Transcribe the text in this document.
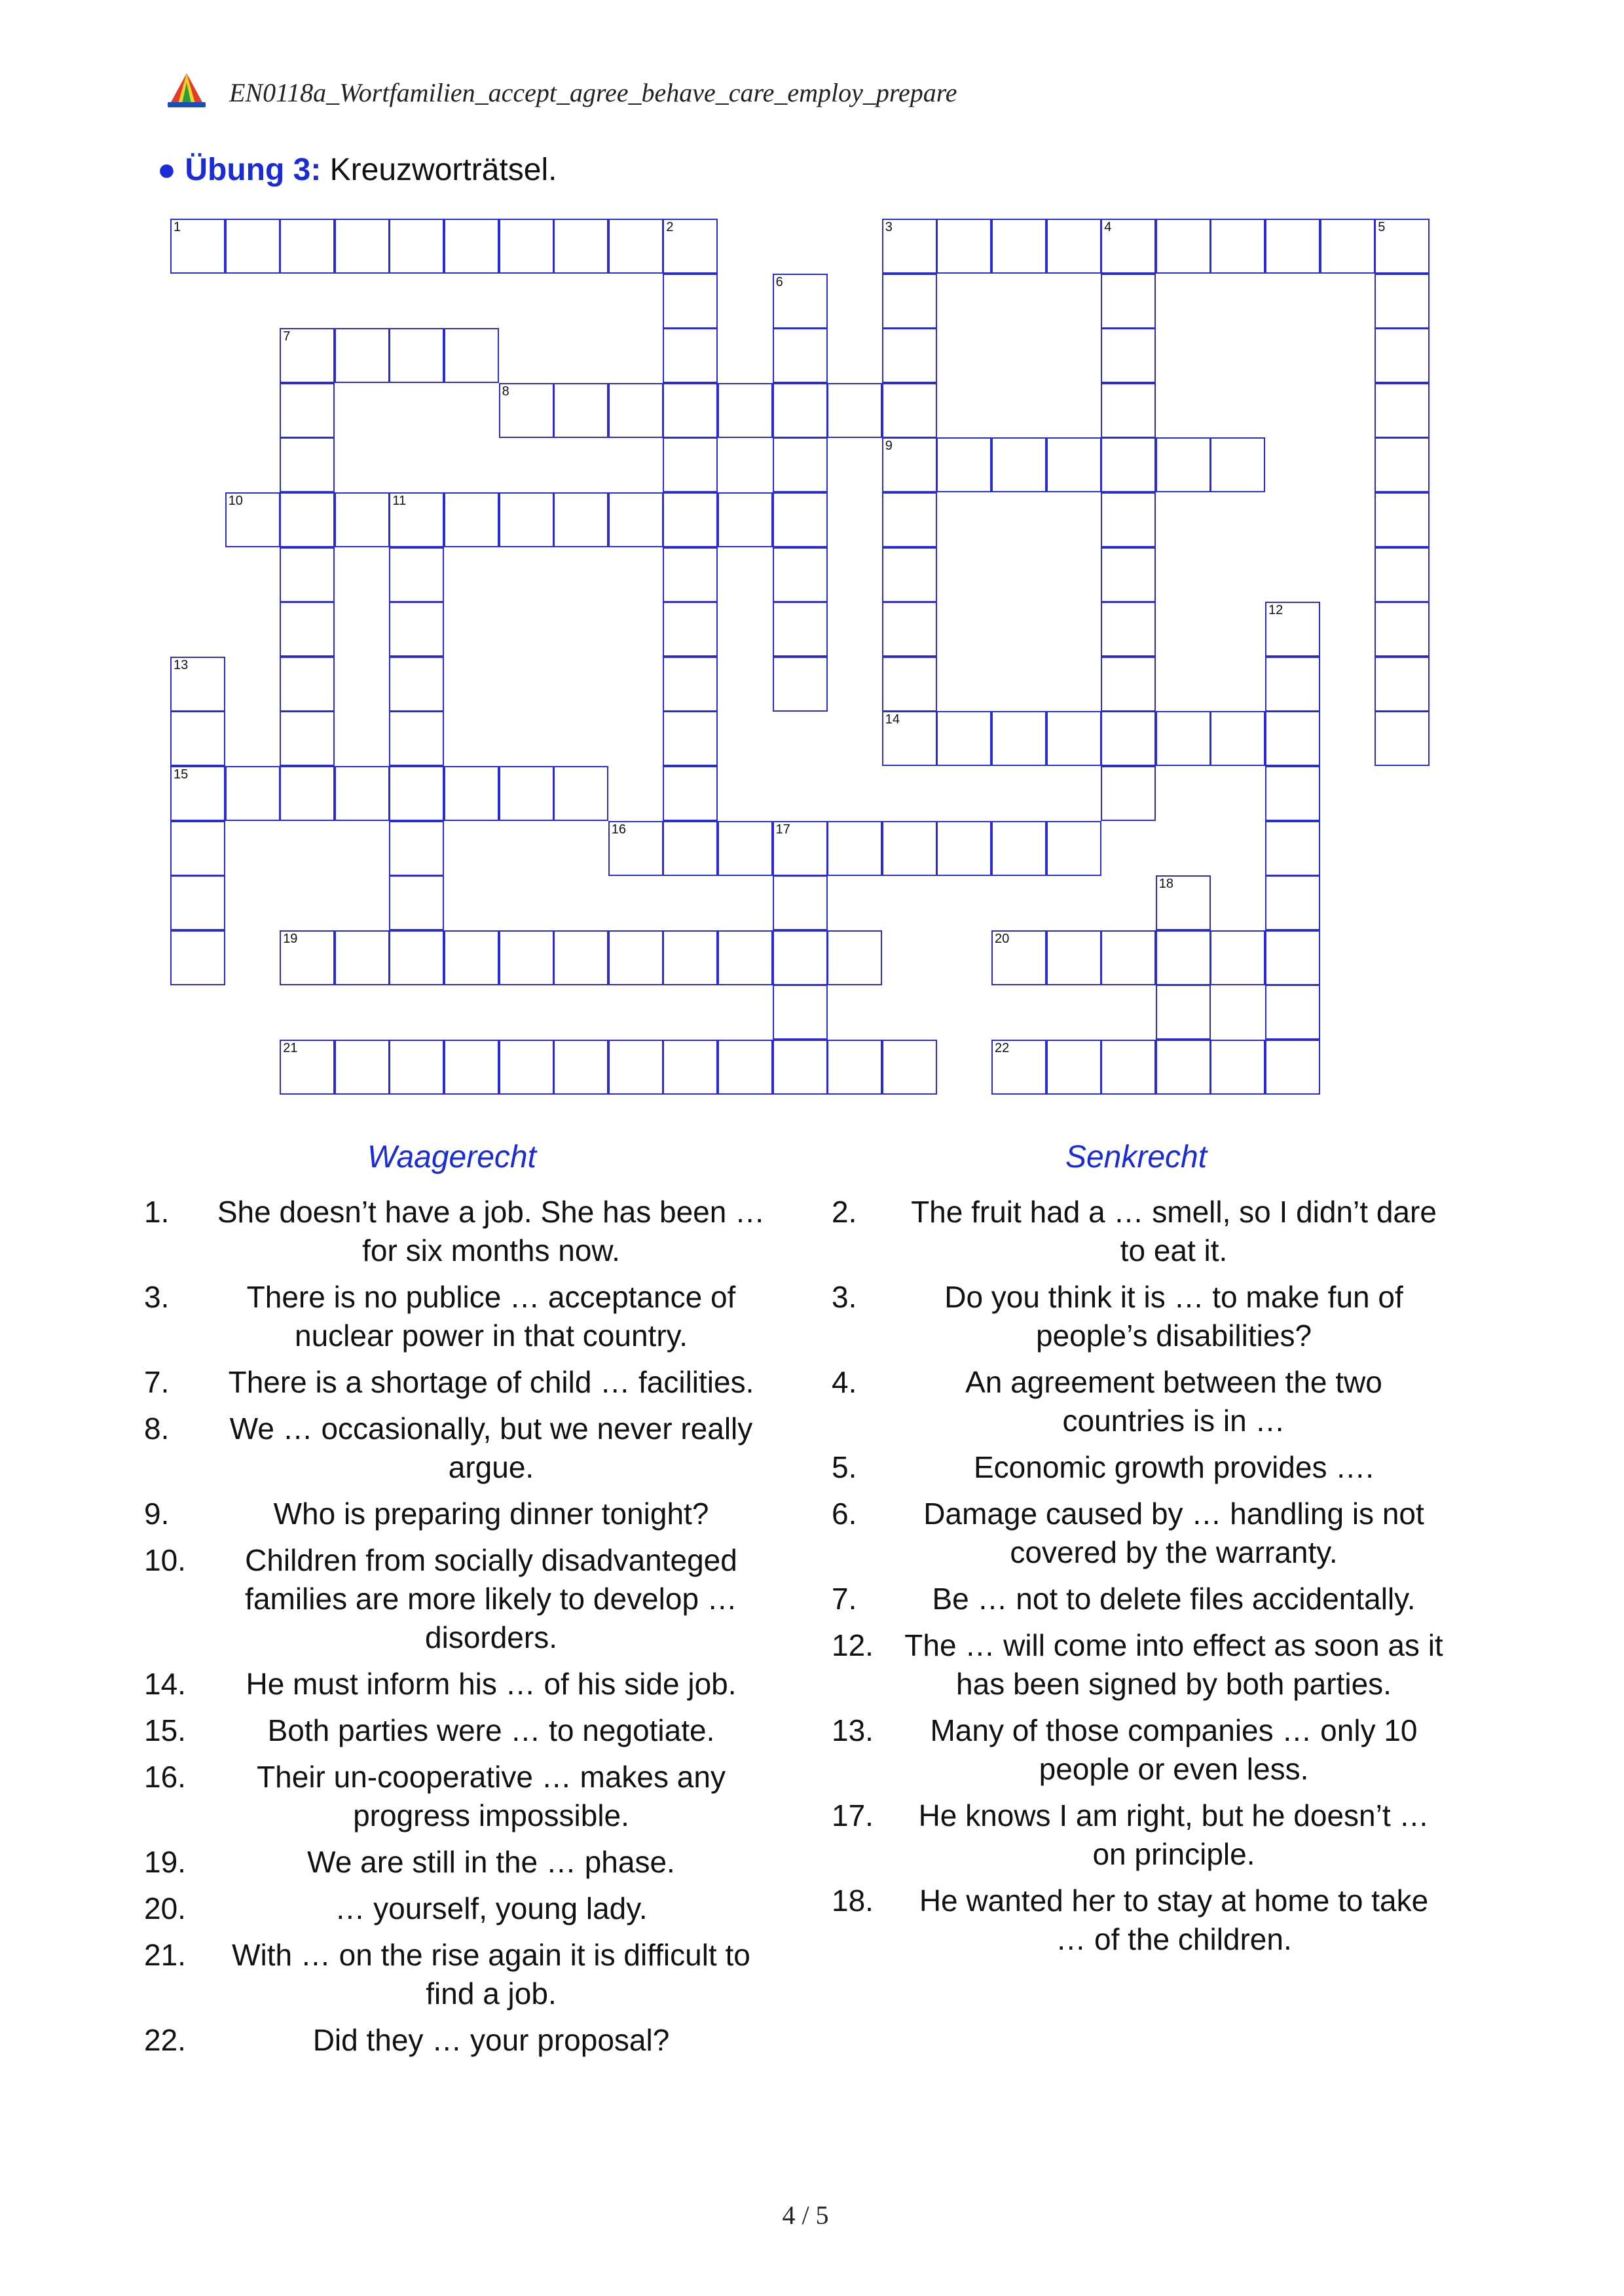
EN0118a_Wortfamilien_accept_agree_behave_care_employ_prepare
● Übung 3: Kreuzworträtsel.
1	2	3	4	5
9
14
6
7
8
10	11
12
13
15
16	17
18
19	20
21	22
Waagerecht	Senkrecht
1. She doesn’t have a job. She has been … for six months now.
3.	There is no publice … acceptance of nuclear power in that country.
7. There is a shortage of child … facilities.
8. We … occasionally, but we never really argue.
9.	Who is preparing dinner tonight?
10. Children from socially disadvanteged families are more likely to develop … disorders.
14. He must inform his … of his side job.
15.	Both parties were … to negotiate.
16. Their un-cooperative … makes any progress impossible.
19.	We are still in the … phase.
20.	… yourself, young lady.
21. With … on the rise again it is difficult to find a job.
22.	Did they … your proposal?
2. The fruit had a … smell, so I didn’t dare to eat it.
3.	Do you think it is … to make fun of people’s disabilities?
4.	An agreement between the two countries is in …
5.	Economic growth provides ….
6. Damage caused by … handling is not covered by the warranty.
7.	Be … not to delete files accidentally.
12. The … will come into effect as soon as it has been signed by both parties.
13. Many of those companies … only 10 people or even less.
17. He knows I am right, but he doesn’t … on principle.
18. He wanted her to stay at home to take … of the children.
4 / 5
